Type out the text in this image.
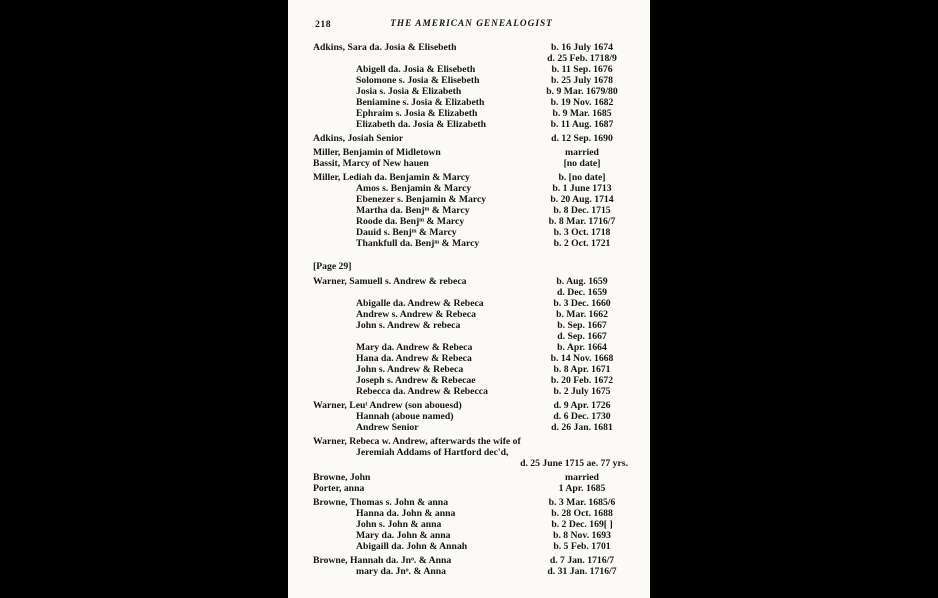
218	THE AMERICAN GENEALOGIST
Adkins, Sara da. Josia & Elisebeth	b. 16 July 1674
d. 25 Feb. 1718/9
Abigell da. Josia & Elisebeth	b. 11 Sep. 1676
Solomone s. Josia & Elisebeth	b. 25 July 1678
Josia s. Josia & Elizabeth	b. 9 Mar. 1679/80
Beniamine s. Josia & Elizabeth	b. 19 Nov. 1682
Ephraim s. Josia & Elizabeth	b. 9 Mar. 1685
Elizabeth da. Josia & Elizabeth	b. 11 Aug. 1687
Adkins, Josiah Senior	d. 12 Sep. 1690
Miller, Benjamin of Midletown	married
Bassit, Marcy of New hauen	[no date]
Miller, Lediah da. Benjamin & Marcy	b. [no date]
Amos s. Benjamin & Marcy	b. 1 June 1713
Ebenezer s. Benjamin & Marcy	b. 20 Aug. 1714
Martha da. Benjᵐ & Marcy	b. 8 Dec. 1715
Roode da. Benjᵐ & Marcy	b. 8 Mar. 1716/7
Dauid s. Benjᵐ & Marcy	b. 3 Oct. 1718
Thankfull da. Benjᵐ & Marcy	b. 2 Oct. 1721
[Page 29]
Warner, Samuell s. Andrew & rebeca	b. Aug. 1659
d. Dec. 1659
Abigalle da. Andrew & Rebeca	b. 3 Dec. 1660
Andrew s. Andrew & Rebeca	b. Mar. 1662
John s. Andrew & rebeca	b. Sep. 1667
d. Sep. 1667
Mary da. Andrew & Rebeca	b. Apr. 1664
Hana da. Andrew & Rebeca	b. 14 Nov. 1668
John s. Andrew & Rebeca	b. 8 Apr. 1671
Joseph s. Andrew & Rebecae	b. 20 Feb. 1672
Rebecca da. Andrew & Rebecca	b. 2 July 1675
Warner, Leuᵗ Andrew (son abouesd)	d. 9 Apr. 1726
Hannah (aboue named)	d. 6 Dec. 1730
Andrew Senior	d. 26 Jan. 1681
Warner, Rebeca w. Andrew, afterwards the wife of
Jeremiah Addams of Hartford dec'd,
d. 25 June 1715 ae. 77 yrs.
Browne, John	married
Porter, anna	1 Apr. 1685
Browne, Thomas s. John & anna	b. 3 Mar. 1685/6
Hanna da. John & anna	b. 28 Oct. 1688
John s. John & anna	b. 2 Dec. 169[ ]
Mary da. John & anna	b. 8 Nov. 1693
Abigaill da. John & Annah	b. 5 Feb. 1701
Browne, Hannah da. Jnᵒ. & Anna	d. 7 Jan. 1716/7
mary da. Jnᵒ. & Anna	d. 31 Jan. 1716/7
